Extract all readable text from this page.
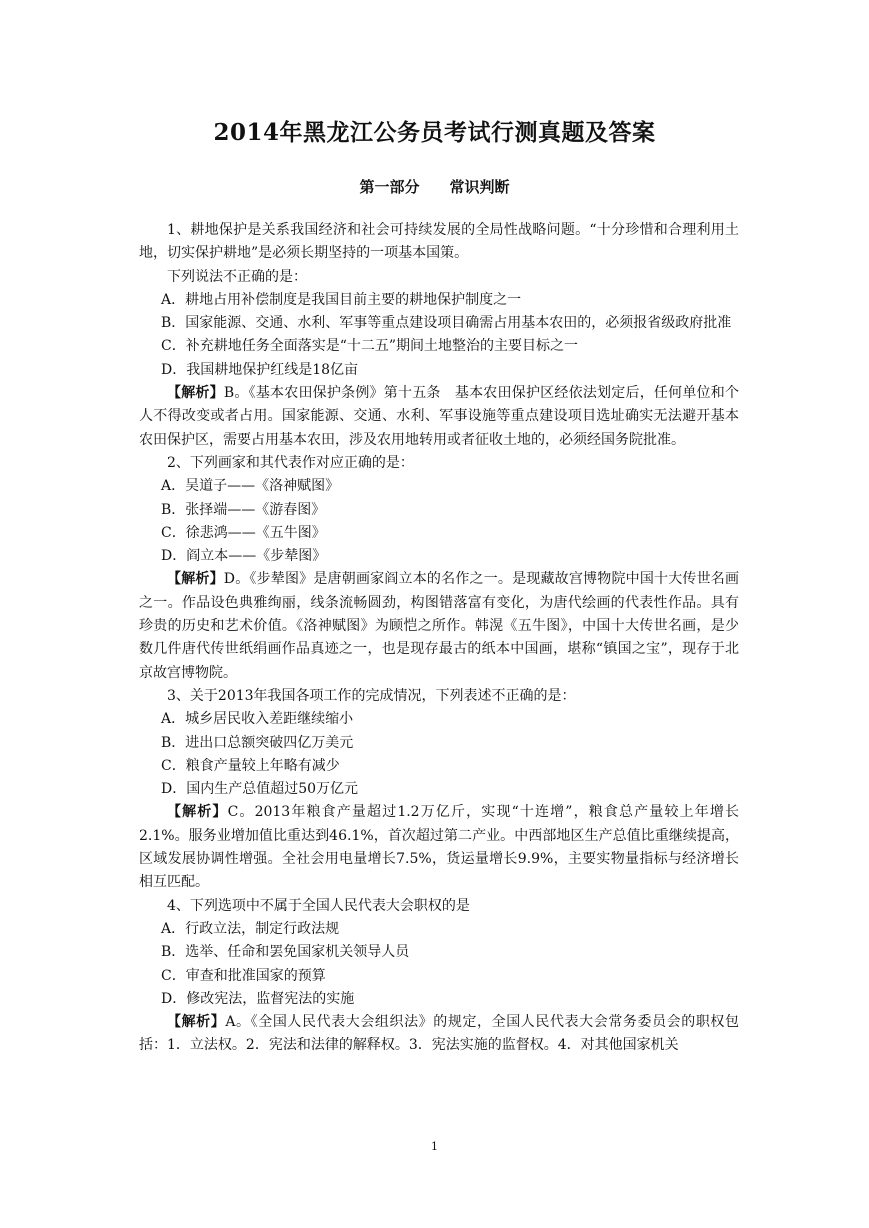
2014年黑龙江公务员考试行测真题及答案
第一部分　　常识判断

1、耕地保护是关系我国经济和社会可持续发展的全局性战略问题。“十分珍惜和合理利用土地，切实保护耕地”是必须长期坚持的一项基本国策。

下列说法不正确的是：

A．耕地占用补偿制度是我国目前主要的耕地保护制度之一

B．国家能源、交通、水利、军事等重点建设项目确需占用基本农田的，必须报省级政府批准

C．补充耕地任务全面落实是“十二五”期间土地整治的主要目标之一

D．我国耕地保护红线是18亿亩

【解析】B。《基本农田保护条例》第十五条　基本农田保护区经依法划定后，任何单位和个人不得改变或者占用。国家能源、交通、水利、军事设施等重点建设项目选址确实无法避开基本农田保护区，需要占用基本农田，涉及农用地转用或者征收土地的，必须经国务院批准。

2、下列画家和其代表作对应正确的是：

A．吴道子——《洛神赋图》

B．张择端——《游春图》

C．徐悲鸿——《五牛图》

D．阎立本——《步辇图》

【解析】D。《步辇图》是唐朝画家阎立本的名作之一。是现藏故宫博物院中国十大传世名画之一。作品设色典雅绚丽，线条流畅圆劲，构图错落富有变化，为唐代绘画的代表性作品。具有珍贵的历史和艺术价值。《洛神赋图》为顾恺之所作。韩滉《五牛图》，中国十大传世名画，是少数几件唐代传世纸绢画作品真迹之一，也是现存最古的纸本中国画，堪称“镇国之宝”，现存于北京故宫博物院。

3、关于2013年我国各项工作的完成情况，下列表述不正确的是：

A．城乡居民收入差距继续缩小

B．进出口总额突破四亿万美元

C．粮食产量较上年略有减少

D．国内生产总值超过50万亿元

【解析】C。2013年粮食产量超过1.2万亿斤，实现“十连增”，粮食总产量较上年增长2.1%。服务业增加值比重达到46.1%，首次超过第二产业。中西部地区生产总值比重继续提高，区域发展协调性增强。全社会用电量增长7.5%，货运量增长9.9%，主要实物量指标与经济增长相互匹配。

4、下列选项中不属于全国人民代表大会职权的是

A．行政立法，制定行政法规

B．选举、任命和罢免国家机关领导人员

C．审查和批准国家的预算

D．修改宪法，监督宪法的实施

【解析】A。《全国人民代表大会组织法》的规定，全国人民代表大会常务委员会的职权包括：1．立法权。2．宪法和法律的解释权。3．宪法实施的监督权。4．对其他国家机关

1
